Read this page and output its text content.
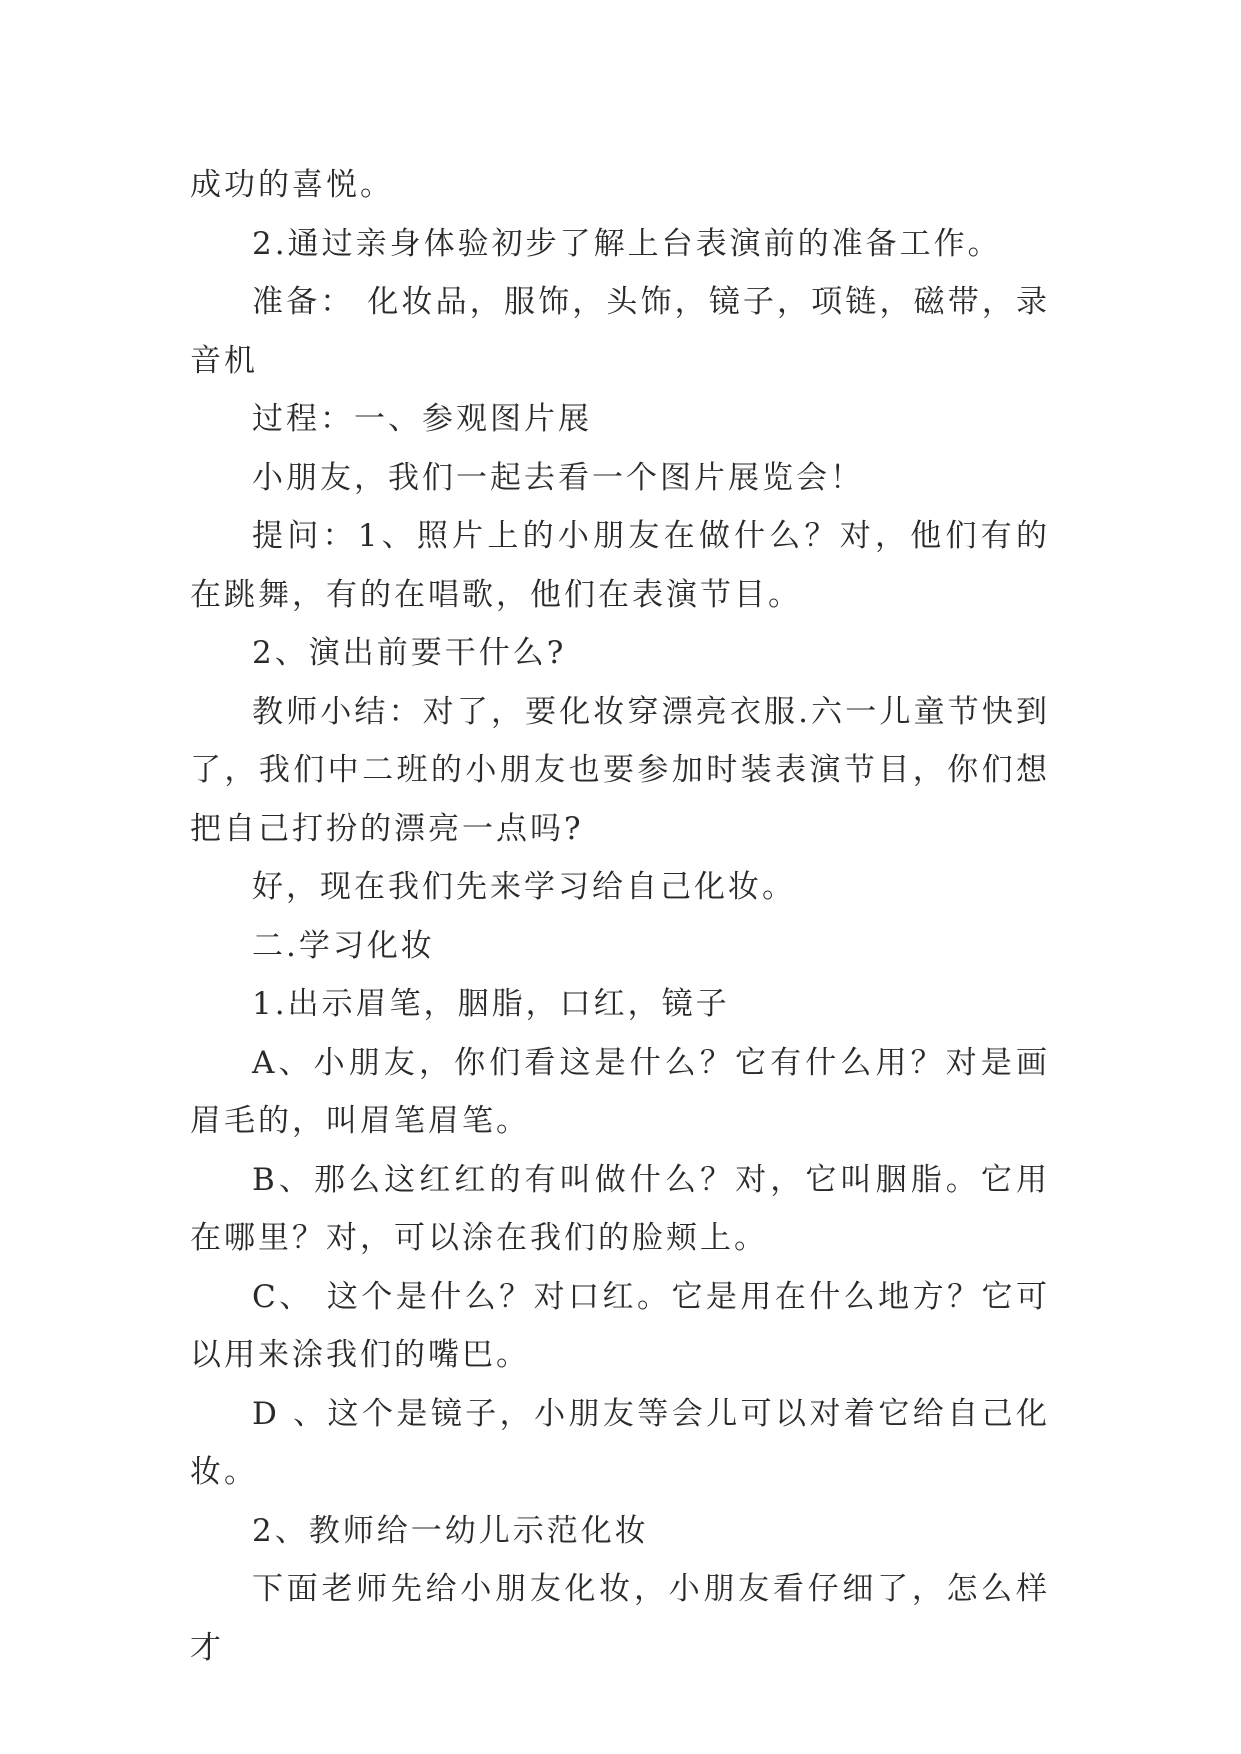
成功的喜悦。

2.通过亲身体验初步了解上台表演前的准备工作。

准备： 化妆品，服饰，头饰，镜子，项链，磁带，录音机

过程：一、参观图片展

小朋友，我们一起去看一个图片展览会！

提问：1、照片上的小朋友在做什么？对，他们有的在跳舞，有的在唱歌，他们在表演节目。

2、演出前要干什么?

教师小结：对了，要化妆穿漂亮衣服.六一儿童节快到了，我们中二班的小朋友也要参加时装表演节目，你们想把自己打扮的漂亮一点吗?

好，现在我们先来学习给自己化妆。

二.学习化妆

1.出示眉笔，胭脂，口红，镜子

A、小朋友，你们看这是什么？它有什么用？对是画眉毛的，叫眉笔眉笔。

B、那么这红红的有叫做什么？对，它叫胭脂。它用在哪里？对，可以涂在我们的脸颊上。

C、 这个是什么？对口红。它是用在什么地方？它可以用来涂我们的嘴巴。

D 、这个是镜子，小朋友等会儿可以对着它给自己化妆。

2、教师给一幼儿示范化妆

下面老师先给小朋友化妆，小朋友看仔细了，怎么样才
